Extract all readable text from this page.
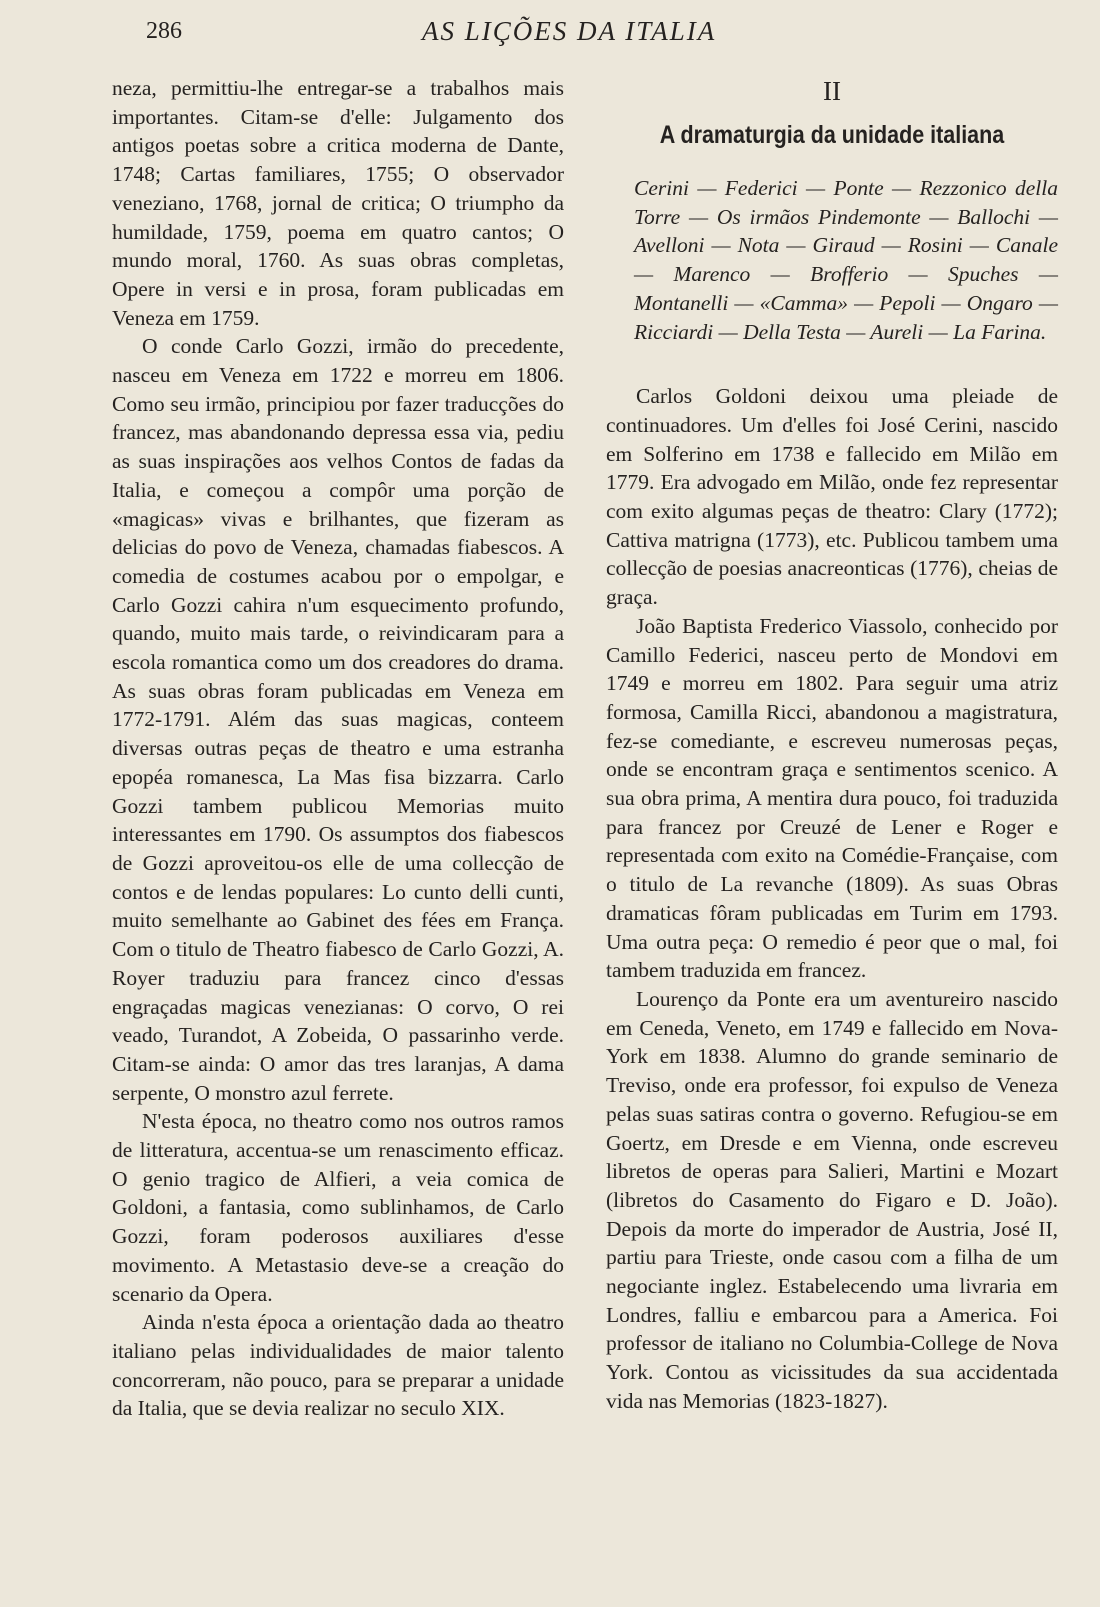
286	AS LIÇÕES DA ITALIA

neza, permittiu-lhe entregar-se a trabalhos mais importantes. Citam-se d'elle: Julgamento dos antigos poetas sobre a critica moderna de Dante, 1748; Cartas familiares, 1755; O observador veneziano, 1768, jornal de critica; O triumpho da humildade, 1759, poema em quatro cantos; O mundo moral, 1760. As suas obras completas, Opere in versi e in prosa, foram publicadas em Veneza em 1759.

O conde Carlo Gozzi, irmão do precedente, nasceu em Veneza em 1722 e morreu em 1806. Como seu irmão, principiou por fazer traducções do francez, mas abandonando depressa essa via, pediu as suas inspirações aos velhos Contos de fadas da Italia, e começou a compôr uma porção de «magicas» vivas e brilhantes, que fizeram as delicias do povo de Veneza, chamadas fiabescos. A comedia de costumes acabou por o empolgar, e Carlo Gozzi cahira n'um esquecimento profundo, quando, muito mais tarde, o reivindicaram para a escola romantica como um dos creadores do drama. As suas obras foram publicadas em Veneza em 1772-1791. Além das suas magicas, conteem diversas outras peças de theatro e uma estranha epopéa romanesca, La Mas fisa bizzarra. Carlo Gozzi tambem publicou Memorias muito interessantes em 1790. Os assumptos dos fiabescos de Gozzi aproveitou-os elle de uma collecção de contos e de lendas populares: Lo cunto delli cunti, muito semelhante ao Gabinet des fées em França. Com o titulo de Theatro fiabesco de Carlo Gozzi, A. Royer traduziu para francez cinco d'essas engraçadas magicas venezianas: O corvo, O rei veado, Turandot, A Zobeida, O passarinho verde. Citam-se ainda: O amor das tres laranjas, A dama serpente, O monstro azul ferrete.

N'esta época, no theatro como nos outros ramos de litteratura, accentua-se um renascimento efficaz. O genio tragico de Alfieri, a veia comica de Goldoni, a fantasia, como sublinhamos, de Carlo Gozzi, foram poderosos auxiliares d'esse movimento. A Metastasio deve-se a creação do scenario da Opera.

Ainda n'esta época a orientação dada ao theatro italiano pelas individualidades de maior talento concorreram, não pouco, para se preparar a unidade da Italia, que se devia realizar no seculo XIX.

II
A dramaturgia da unidade italiana
Cerini — Federici — Ponte — Rezzonico della Torre — Os irmãos Pindemonte — Ballochi — Avelloni — Nota — Giraud — Rosini — Canale — Marenco — Brofferio — Spuches — Montanelli — «Camma» — Pepoli — Ongaro — Ricciardi — Della Testa — Aureli — La Farina.

Carlos Goldoni deixou uma pleiade de continuadores. Um d'elles foi José Cerini, nascido em Solferino em 1738 e fallecido em Milão em 1779. Era advogado em Milão, onde fez representar com exito algumas peças de theatro: Clary (1772); Cattiva matrigna (1773), etc. Publicou tambem uma collecção de poesias anacreonticas (1776), cheias de graça.

João Baptista Frederico Viassolo, conhecido por Camillo Federici, nasceu perto de Mondovi em 1749 e morreu em 1802. Para seguir uma atriz formosa, Camilla Ricci, abandonou a magistratura, fez-se comediante, e escreveu numerosas peças, onde se encontram graça e sentimentos scenico. A sua obra prima, A mentira dura pouco, foi traduzida para francez por Creuzé de Lener e Roger e representada com exito na Comédie-Française, com o titulo de La revanche (1809). As suas Obras dramaticas fôram publicadas em Turim em 1793. Uma outra peça: O remedio é peor que o mal, foi tambem traduzida em francez.

Lourenço da Ponte era um aventureiro nascido em Ceneda, Veneto, em 1749 e fallecido em Nova-York em 1838. Alumno do grande seminario de Treviso, onde era professor, foi expulso de Veneza pelas suas satiras contra o governo. Refugiou-se em Goertz, em Dresde e em Vienna, onde escreveu libretos de operas para Salieri, Martini e Mozart (libretos do Casamento do Figaro e D. João). Depois da morte do imperador de Austria, José II, partiu para Trieste, onde casou com a filha de um negociante inglez. Estabelecendo uma livraria em Londres, falliu e embarcou para a America. Foi professor de italiano no Columbia-College de Nova York. Contou as vicissitudes da sua accidentada vida nas Memorias (1823-1827).
